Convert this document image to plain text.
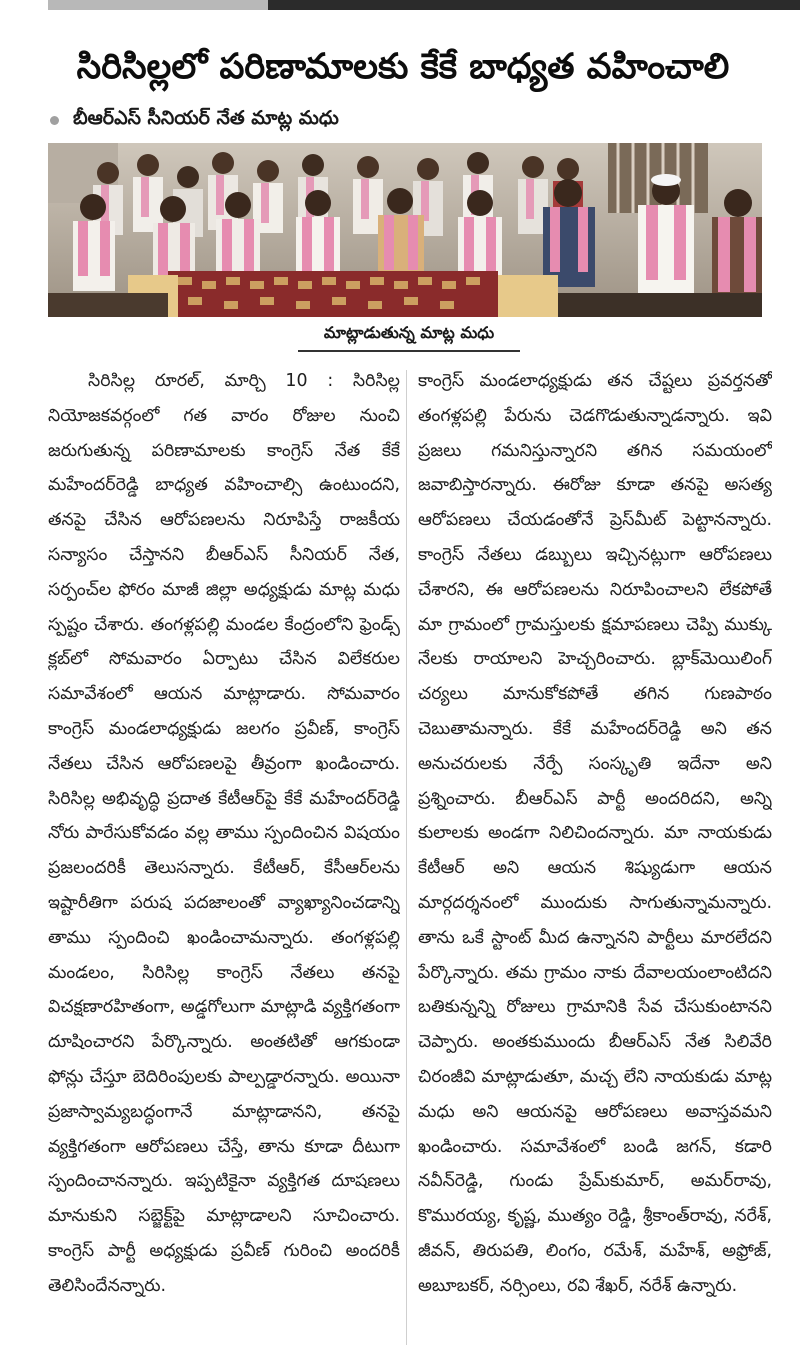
సిరిసిల్లలో పరిణామాలకు కేకే బాధ్యత వహించాలి
బీఆర్ఎస్ సీనియర్ నేత మాట్ల మధు
మాట్లాడుతున్న మాట్ల మధు

సిరిసిల్ల రూరల్, మార్చి 10 : సిరిసిల్ల నియోజకవర్గంలో గత వారం రోజుల నుంచి జరుగుతున్న పరిణామాలకు కాంగ్రెస్ నేత కేకే మహేందర్‌రెడ్డి బాధ్యత వహించాల్సి ఉంటుందని, తనపై చేసిన ఆరోపణలను నిరూపిస్తే రాజకీయ సన్యాసం చేస్తానని బీఆర్ఎస్ సీనియర్ నేత, సర్పంచ్‌ల ఫోరం మాజీ జిల్లా అధ్యక్షుడు మాట్ల మధు స్పష్టం చేశారు. తంగళ్లపల్లి మండల కేంద్రంలోని ఫ్రెండ్స్ క్లబ్‌లో సోమవారం ఏర్పాటు చేసిన విలేకరుల సమావేశంలో ఆయన మాట్లాడారు. సోమవారం కాంగ్రెస్ మండలాధ్యక్షుడు జలగం ప్రవీణ్, కాంగ్రెస్ నేతలు చేసిన ఆరోపణలపై తీవ్రంగా ఖండించారు. సిరిసిల్ల అభివృద్ధి ప్రదాత కేటీఆర్‌పై కేకే మహేందర్‌రెడ్డి నోరు పారేసుకోవడం వల్ల తాము స్పందించిన విషయం ప్రజలందరికీ తెలుసన్నారు. కేటీఆర్, కేసీఆర్‌లను ఇష్టారీతిగా పరుష పదజాలంతో వ్యాఖ్యానించడాన్ని తాము స్పందించి ఖండించామన్నారు. తంగళ్లపల్లి మండలం, సిరిసిల్ల కాంగ్రెస్ నేతలు తనపై విచక్షణారహితంగా, అడ్డగోలుగా మాట్లాడి వ్యక్తిగతంగా దూషించారని పేర్కొన్నారు. అంతటితో ఆగకుండా ఫోన్లు చేస్తూ బెదిరింపులకు పాల్పడ్డారన్నారు. అయినా ప్రజాస్వామ్యబద్ధంగానే మాట్లాడానని, తనపై వ్యక్తిగతంగా ఆరోపణలు చేస్తే, తాను కూడా దీటుగా స్పందించానన్నారు. ఇప్పటికైనా వ్యక్తిగత దూషణలు మానుకుని సబ్జెక్ట్‌పై మాట్లాడాలని సూచించారు. కాంగ్రెస్ పార్టీ అధ్యక్షుడు ప్రవీణ్ గురించి అందరికీ తెలిసిందేనన్నారు.

కాంగ్రెస్ మండలాధ్యక్షుడు తన చేష్టలు ప్రవర్తనతో తంగళ్లపల్లి పేరును చెడగొడుతున్నాడన్నారు. ఇవి ప్రజలు గమనిస్తున్నారని తగిన సమయంలో జవాబిస్తారన్నారు. ఈరోజు కూడా తనపై అసత్య ఆరోపణలు చేయడంతోనే ప్రెస్‌మీట్ పెట్టానన్నారు. కాంగ్రెస్ నేతలు డబ్బులు ఇచ్చినట్లుగా ఆరోపణలు చేశారని, ఈ ఆరోపణలను నిరూపించాలని లేకపోతే మా గ్రామంలో గ్రామస్తులకు క్షమాపణలు చెప్పి ముక్కు నేలకు రాయాలని హెచ్చరించారు. బ్లాక్‌మెయిలింగ్ చర్యలు మానుకోకపోతే తగిన గుణపాఠం చెబుతామన్నారు. కేకే మహేందర్‌రెడ్డి అని తన అనుచరులకు నేర్పే సంస్కృతి ఇదేనా అని ప్రశ్నించారు. బీఆర్ఎస్ పార్టీ అందరిదని, అన్ని కులాలకు అండగా నిలిచిందన్నారు. మా నాయకుడు కేటీఆర్ అని ఆయన శిష్యుడుగా ఆయన మార్గదర్శనంలో ముందుకు సాగుతున్నామన్నారు. తాను ఒకే స్టాంట్ మీద ఉన్నానని పార్టీలు మారలేదని పేర్కొన్నారు. తమ గ్రామం నాకు దేవాలయంలాంటిదని బతికున్నన్ని రోజులు గ్రామానికి సేవ చేసుకుంటానని చెప్పారు. అంతకుముందు బీఆర్ఎస్ నేత సిలివేరి చిరంజీవి మాట్లాడుతూ, మచ్చ లేని నాయకుడు మాట్ల మధు అని ఆయనపై ఆరోపణలు అవాస్తవమని ఖండించారు. సమావేశంలో బండి జగన్, కడారి నవీన్‌రెడ్డి, గుండు ప్రేమ్‌కుమార్, అమర్‌రావు, కొమురయ్య, కృష్ణ, ముత్యం రెడ్డి, శ్రీకాంత్‌రావు, నరేశ్, జీవన్, తిరుపతి, లింగం, రమేశ్, మహేశ్, అఫ్రోజ్, అబూబకర్, నర్సింలు, రవి శేఖర్, నరేశ్ ఉన్నారు.
